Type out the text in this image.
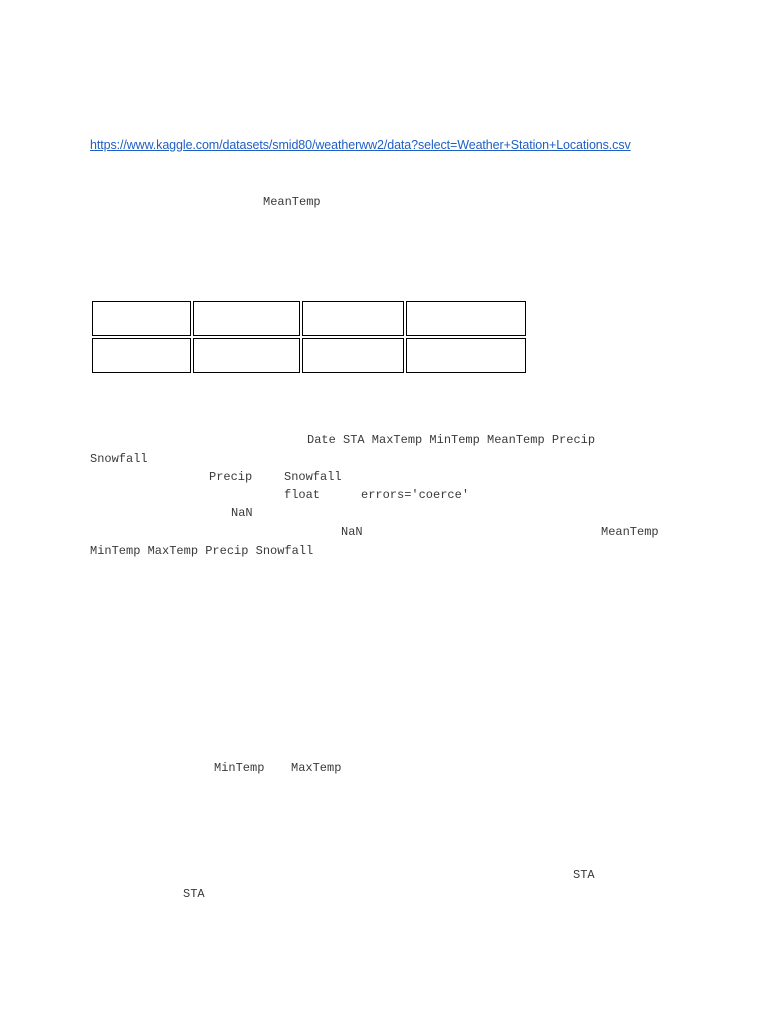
https://www.kaggle.com/datasets/smid80/weatherww2/data?select=Weather+Station+Locations.csv
MeanTemp
Date STA MaxTemp MinTemp MeanTemp Precip
Snowfall
Precip	Snowfall
float	errors='coerce'
NaN
NaN	MeanTemp
MinTemp MaxTemp Precip Snowfall
MinTemp MaxTemp
STA
STA
